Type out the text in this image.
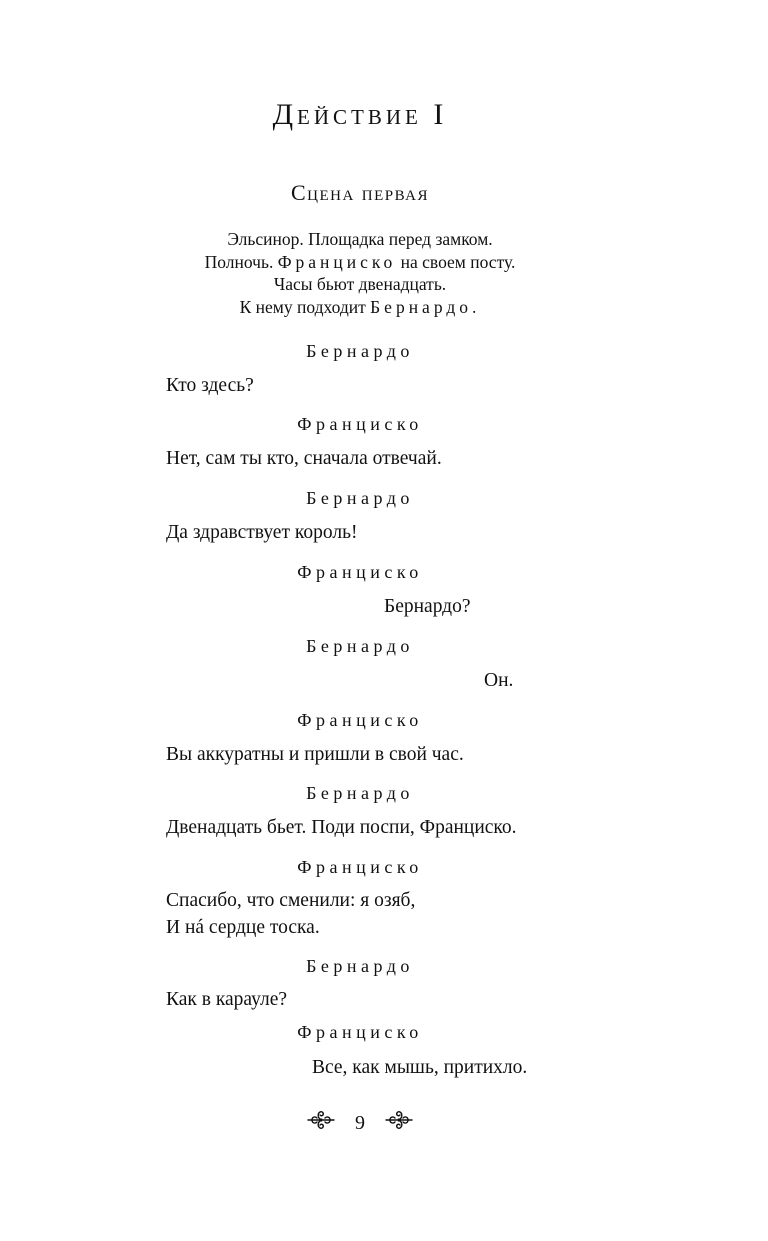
Действие I
Сцена первая
Эльсинор. Площадка перед замком.
Полночь. Франциско на своем посту.
Часы бьют двенадцать.
К нему подходит Бернардо.
Бернардо
Кто здесь?
Франциско
Нет, сам ты кто, сначала отвечай.
Бернардо
Да здравствует король!
Франциско
Бернардо?
Бернардо
Он.
Франциско
Вы аккуратны и пришли в свой час.
Бернардо
Двенадцать бьет. Поди поспи, Франциско.
Франциско
Спасибо, что сменили: я озяб,
И нá сердце тоска.
Бернардо
Как в карауле?
Франциско
Все, как мышь, притихло.
9
